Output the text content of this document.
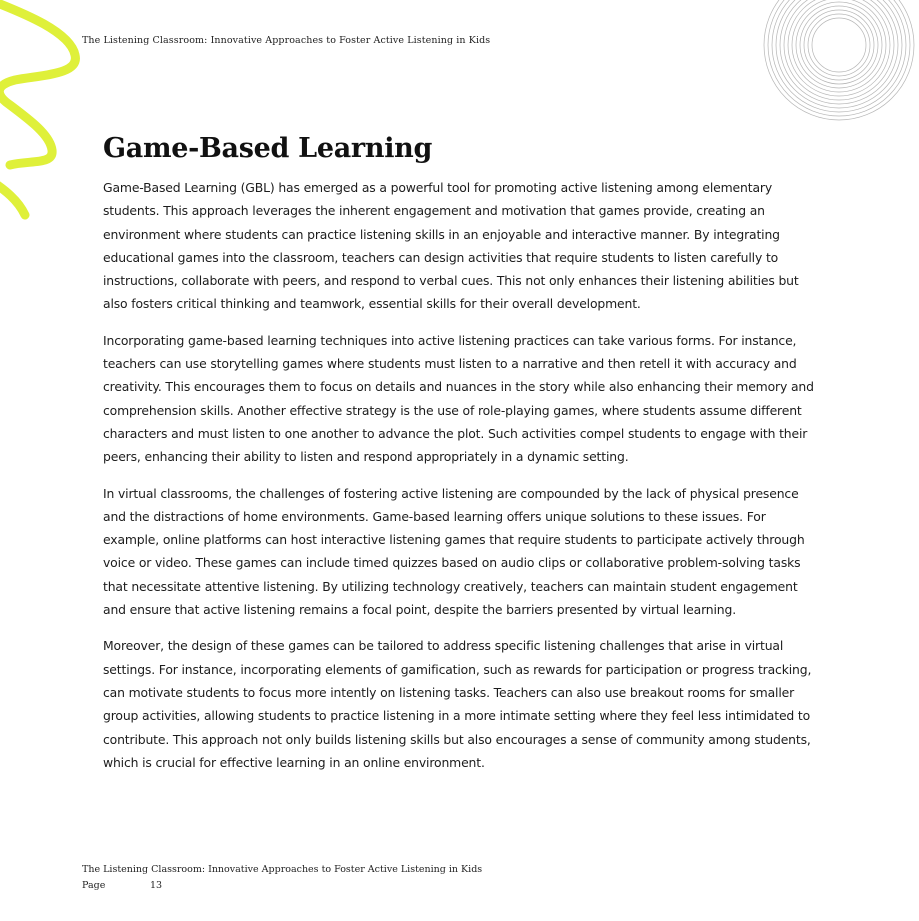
The Listening Classroom: Innovative Approaches to Foster Active Listening in Kids
Game-Based Learning

Game-Based Learning (GBL) has emerged as a powerful tool for promoting active listening among elementary students. This approach leverages the inherent engagement and motivation that games provide, creating an environment where students can practice listening skills in an enjoyable and interactive manner. By integrating educational games into the classroom, teachers can design activities that require students to listen carefully to instructions, collaborate with peers, and respond to verbal cues. This not only enhances their listening abilities but also fosters critical thinking and teamwork, essential skills for their overall development.

Incorporating game-based learning techniques into active listening practices can take various forms. For instance, teachers can use storytelling games where students must listen to a narrative and then retell it with accuracy and creativity. This encourages them to focus on details and nuances in the story while also enhancing their memory and comprehension skills. Another effective strategy is the use of role-playing games, where students assume different characters and must listen to one another to advance the plot. Such activities compel students to engage with their peers, enhancing their ability to listen and respond appropriately in a dynamic setting.

In virtual classrooms, the challenges of fostering active listening are compounded by the lack of physical presence and the distractions of home environments. Game-based learning offers unique solutions to these issues. For example, online platforms can host interactive listening games that require students to participate actively through voice or video. These games can include timed quizzes based on audio clips or collaborative problem-solving tasks that necessitate attentive listening. By utilizing technology creatively, teachers can maintain student engagement and ensure that active listening remains a focal point, despite the barriers presented by virtual learning.

Moreover, the design of these games can be tailored to address specific listening challenges that arise in virtual settings. For instance, incorporating elements of gamification, such as rewards for participation or progress tracking, can motivate students to focus more intently on listening tasks. Teachers can also use breakout rooms for smaller group activities, allowing students to practice listening in a more intimate setting where they feel less intimidated to contribute. This approach not only builds listening skills but also encourages a sense of community among students, which is crucial for effective learning in an online environment.

The Listening Classroom: Innovative Approaches to Foster Active Listening in Kids
Page	13
